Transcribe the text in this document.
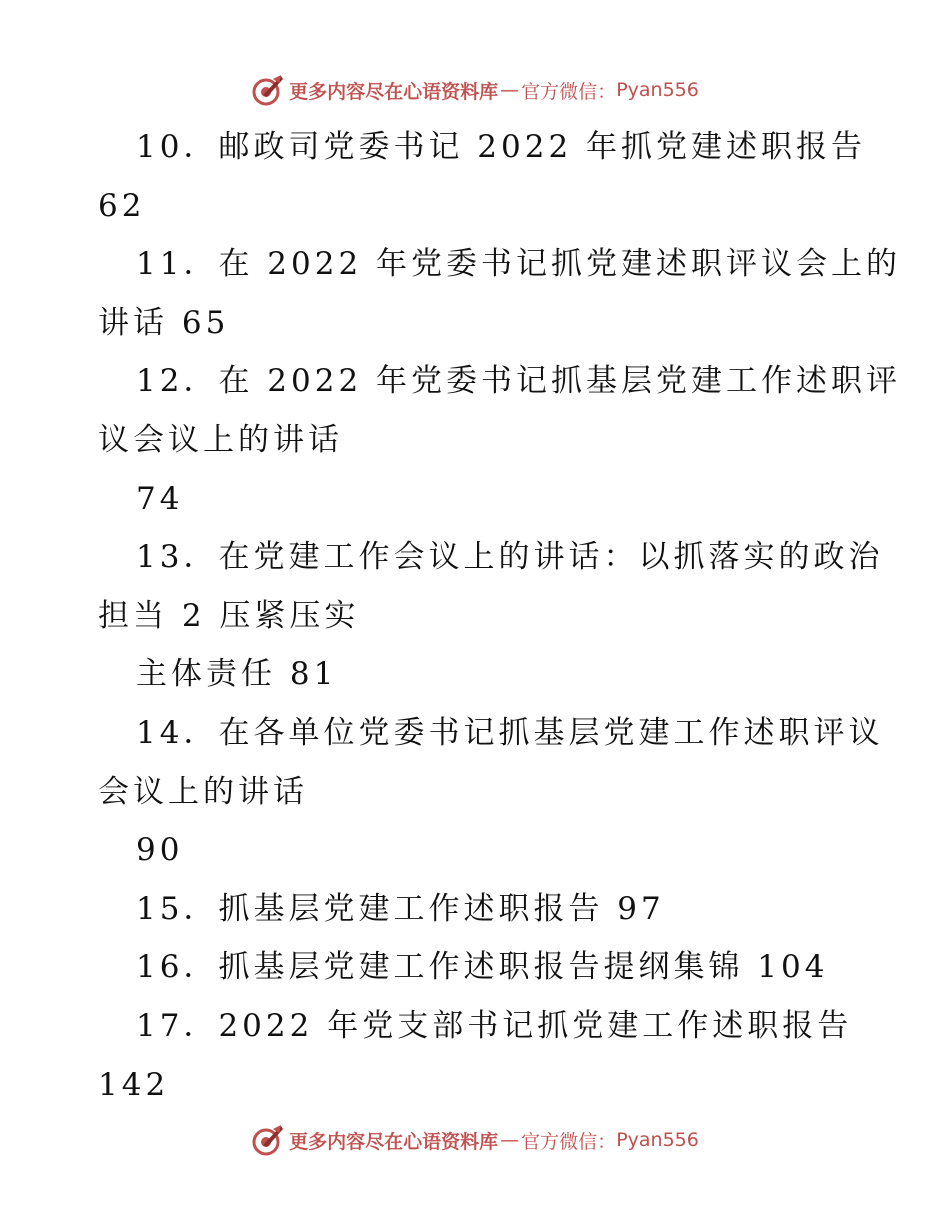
更多内容尽在心语资料库 — 官方微信： Pyan556
10．邮政司党委书记 2022 年抓党建述职报告
62
11．在 2022 年党委书记抓党建述职评议会上的
讲话 65
12．在 2022 年党委书记抓基层党建工作述职评
议会议上的讲话
74
13．在党建工作会议上的讲话：以抓落实的政治
担当 2 压紧压实
主体责任 81
14．在各单位党委书记抓基层党建工作述职评议
会议上的讲话
90
15．抓基层党建工作述职报告 97
16．抓基层党建工作述职报告提纲集锦 104
17．2022 年党支部书记抓党建工作述职报告
142
更多内容尽在心语资料库 — 官方微信： Pyan556
